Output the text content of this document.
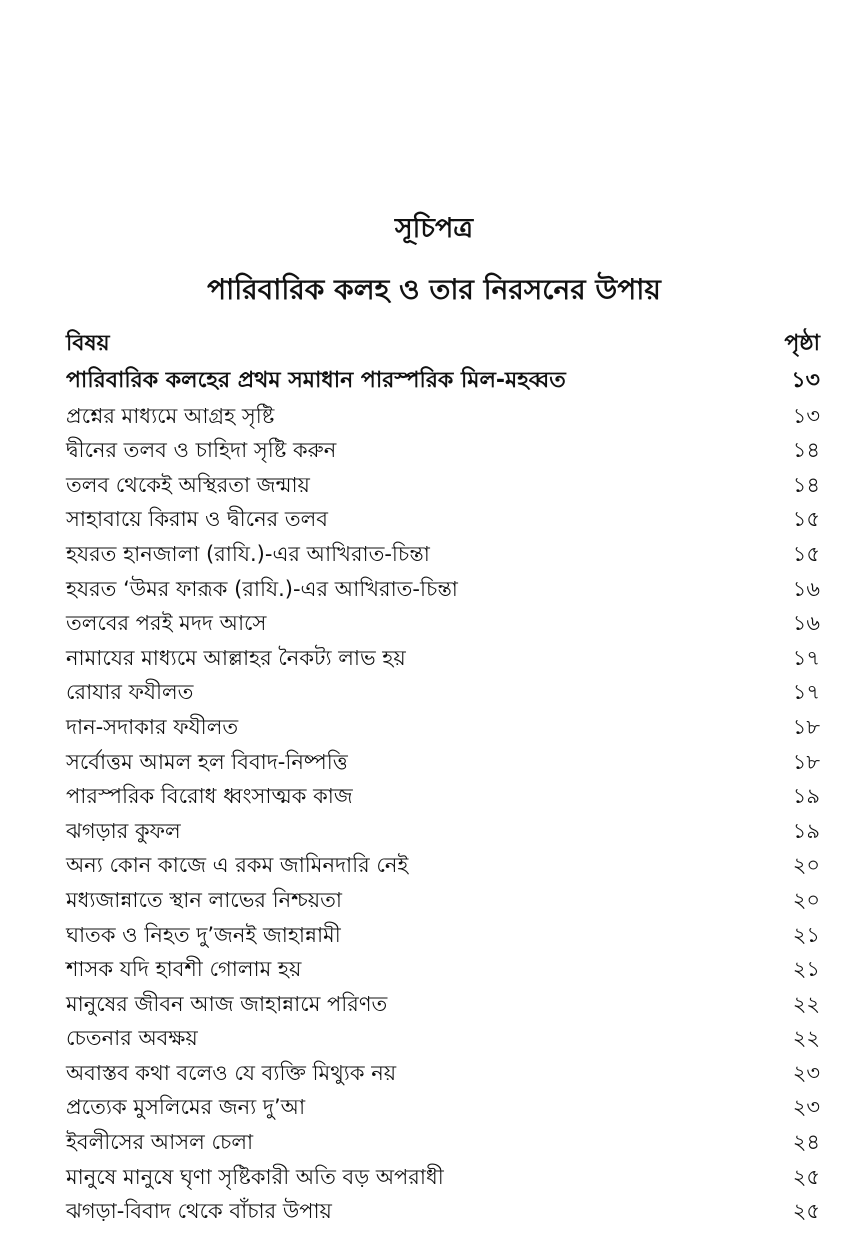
সূচিপত্র
পারিবারিক কলহ ও তার নিরসনের উপায়
বিষয়	পৃষ্ঠা
পারিবারিক কলহের প্রথম সমাধান পারস্পরিক মিল-মহব্বত	১৩
প্রশ্নের মাধ্যমে আগ্রহ সৃষ্টি	১৩
দ্বীনের তলব ও চাহিদা সৃষ্টি করুন	১৪
তলব থেকেই অস্থিরতা জন্মায়	১৪
সাহাবায়ে কিরাম ও দ্বীনের তলব	১৫
হযরত হানজালা (রাযি.)-এর আখিরাত-চিন্তা	১৫
হযরত ‘উমর ফারূক (রাযি.)-এর আখিরাত-চিন্তা	১৬
তলবের পরই মদদ আসে	১৬
নামাযের মাধ্যমে আল্লাহর নৈকট্য লাভ হয়	১৭
রোযার ফযীলত	১৭
দান-সদাকার ফযীলত	১৮
সর্বোত্তম আমল হল বিবাদ-নিষ্পত্তি	১৮
পারস্পরিক বিরোধ ধ্বংসাত্মক কাজ	১৯
ঝগড়ার কুফল	১৯
অন্য কোন কাজে এ রকম জামিনদারি নেই	২০
মধ্যজান্নাতে স্থান লাভের নিশ্চয়তা	২০
ঘাতক ও নিহত দু’জনই জাহান্নামী	২১
শাসক যদি হাবশী গোলাম হয়	২১
মানুষের জীবন আজ জাহান্নামে পরিণত	২২
চেতনার অবক্ষয়	২২
অবাস্তব কথা বলেও যে ব্যক্তি মিথ্যুক নয়	২৩
প্রত্যেক মুসলিমের জন্য দু’আ	২৩
ইবলীসের আসল চেলা	২৪
মানুষে মানুষে ঘৃণা সৃষ্টিকারী অতি বড় অপরাধী	২৫
ঝগড়া-বিবাদ থেকে বাঁচার উপায়	২৫
